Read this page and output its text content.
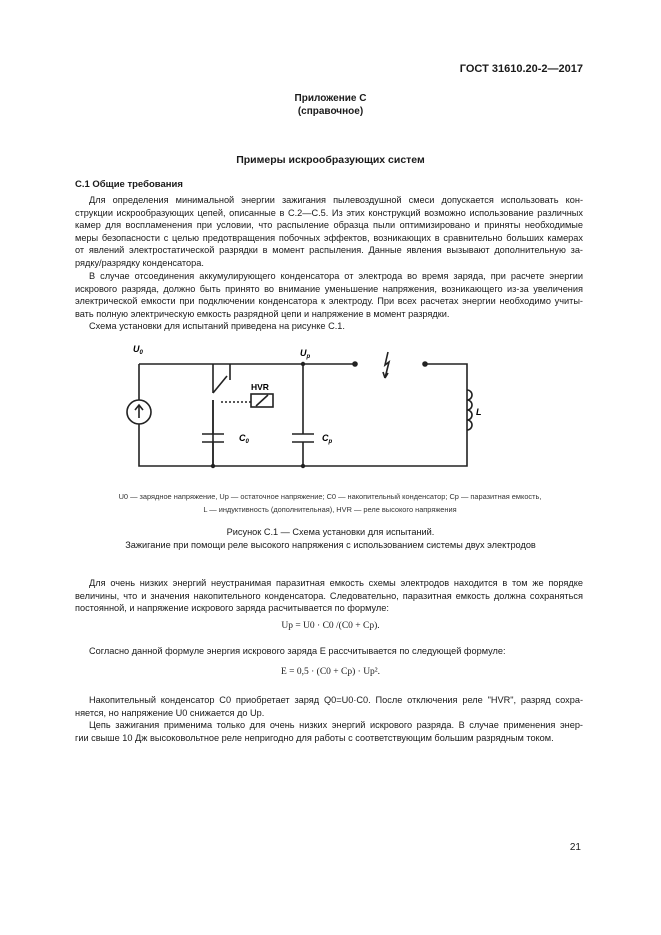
ГОСТ 31610.20-2—2017
Приложение С
(справочное)
Примеры искрообразующих систем
С.1 Общие требования
Для определения минимальной энергии зажигания пылевоздушной смеси допускается использовать кон-
струкции искрообразующих цепей, описанные в С.2—С.5. Из этих конструкций возможно использование различных
камер для воспламенения при условии, что распыление образца пыли оптимизировано и приняты необходимые
меры безопасности с целью предотвращения побочных эффектов, возникающих в сравнительно больших камерах
от явлений электростатической разрядки в момент распыления. Данные явления вызывают дополнительную за-
рядку/разрядку конденсатора.
В случае отсоединения аккумулирующего конденсатора от электрода во время заряда, при расчете энергии
искрового разряда, должно быть принято во внимание уменьшение напряжения, возникающего из-за увеличения
электрической емкости при подключении конденсатора к электроду. При всех расчетах энергии необходимо учиты-
вать полную электрическую емкость разрядной цепи и напряжение в момент разрядки.
Схема установки для испытаний приведена на рисунке С.1.
$U_0$	$U_p$
HVR
$C_0$	$C_p$
L
U0 — зарядное напряжение, Up — остаточное напряжение; C0 — накопительный конденсатор; Cp — паразитная емкость,
L — индуктивность (дополнительная), HVR — реле высокого напряжения
Рисунок С.1 — Схема установки для испытаний.
Зажигание при помощи реле высокого напряжения с использованием системы двух электродов
Для очень низких энергий неустранимая паразитная емкость схемы электродов находится в том же порядке
величины, что и значения накопительного конденсатора. Следовательно, паразитная емкость должна сохраняться
постоянной, и напряжение искрового заряда расчитывается по формуле:
Up = U0 · C0 /(C0 + Cp).
Согласно данной формуле энергия искрового заряда E рассчитывается по следующей формуле:
E = 0,5 · (C0 + Cp) · Up².
Накопительный конденсатор C0 приобретает заряд Q0=U0·C0. После отключения реле "HVR", разряд сохра-
няется, но напряжение U0 снижается до Up.
Цепь зажигания применима только для очень низких энергий искрового разряда. В случае применения энер-
гии свыше 10 Дж высоковольтное реле непригодно для работы с соответствующим большим разрядным током.
21
